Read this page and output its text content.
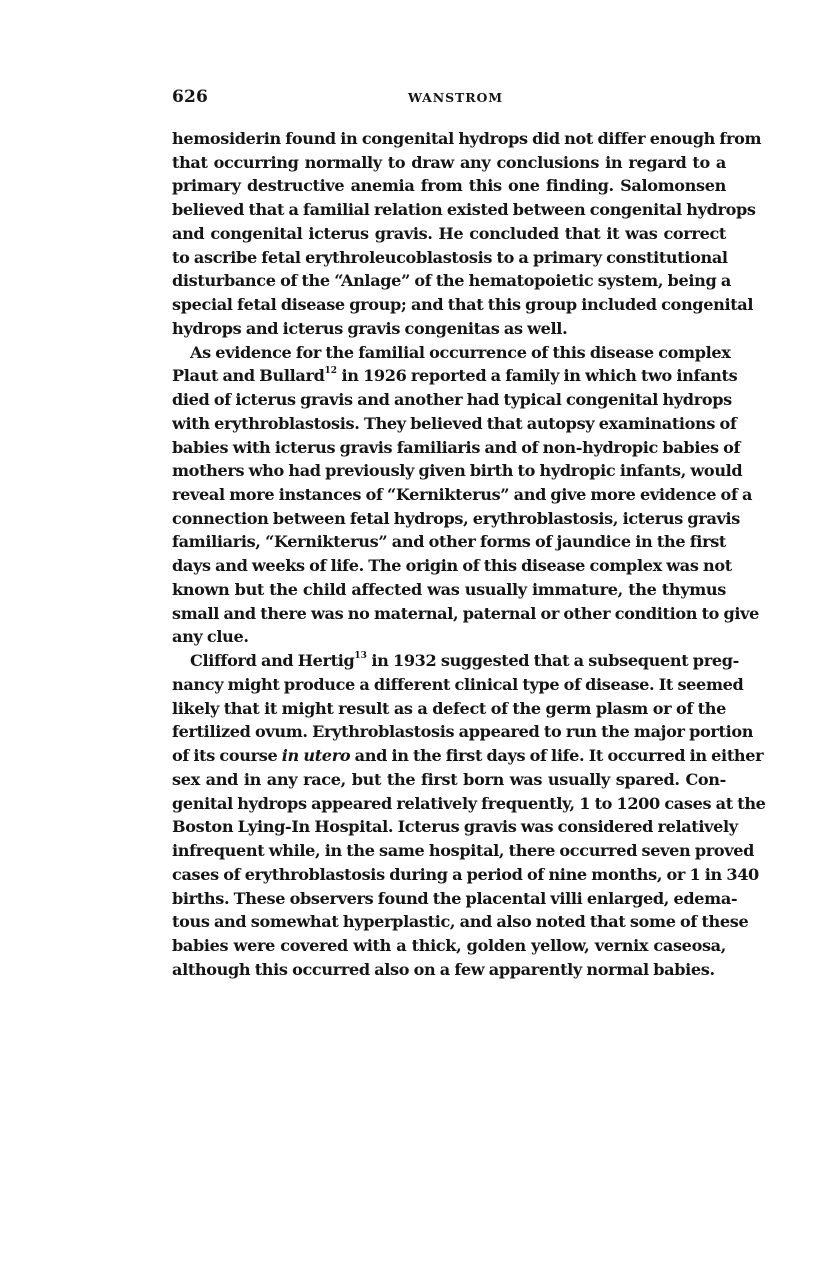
626	WANSTROM

hemosiderin found in congenital hydrops did not differ enough from
that occurring normally to draw any conclusions in regard to a
primary destructive anemia from this one finding. Salomonsen
believed that a familial relation existed between congenital hydrops
and congenital icterus gravis. He concluded that it was correct
to ascribe fetal erythroleucoblastosis to a primary constitutional
disturbance of the “Anlage” of the hematopoietic system, being a
special fetal disease group; and that this group included congenital
hydrops and icterus gravis congenitas as well.

As evidence for the familial occurrence of this disease complex
Plaut and Bullard$^{12}$ in 1926 reported a family in which two infants
died of icterus gravis and another had typical congenital hydrops
with erythroblastosis. They believed that autopsy examinations of
babies with icterus gravis familiaris and of non-hydropic babies of
mothers who had previously given birth to hydropic infants, would
reveal more instances of “Kernikterus” and give more evidence of a
connection between fetal hydrops, erythroblastosis, icterus gravis
familiaris, “Kernikterus” and other forms of jaundice in the first
days and weeks of life. The origin of this disease complex was not
known but the child affected was usually immature, the thymus
small and there was no maternal, paternal or other condition to give
any clue.

Clifford and Hertig$^{13}$ in 1932 suggested that a subsequent preg-
nancy might produce a different clinical type of disease. It seemed
likely that it might result as a defect of the germ plasm or of the
fertilized ovum. Erythroblastosis appeared to run the major portion
of its course in utero and in the first days of life. It occurred in either
sex and in any race, but the first born was usually spared. Con-
genital hydrops appeared relatively frequently, 1 to 1200 cases at the
Boston Lying-In Hospital. Icterus gravis was considered relatively
infrequent while, in the same hospital, there occurred seven proved
cases of erythroblastosis during a period of nine months, or 1 in 340
births. These observers found the placental villi enlarged, edema-
tous and somewhat hyperplastic, and also noted that some of these
babies were covered with a thick, golden yellow, vernix caseosa,
although this occurred also on a few apparently normal babies.
